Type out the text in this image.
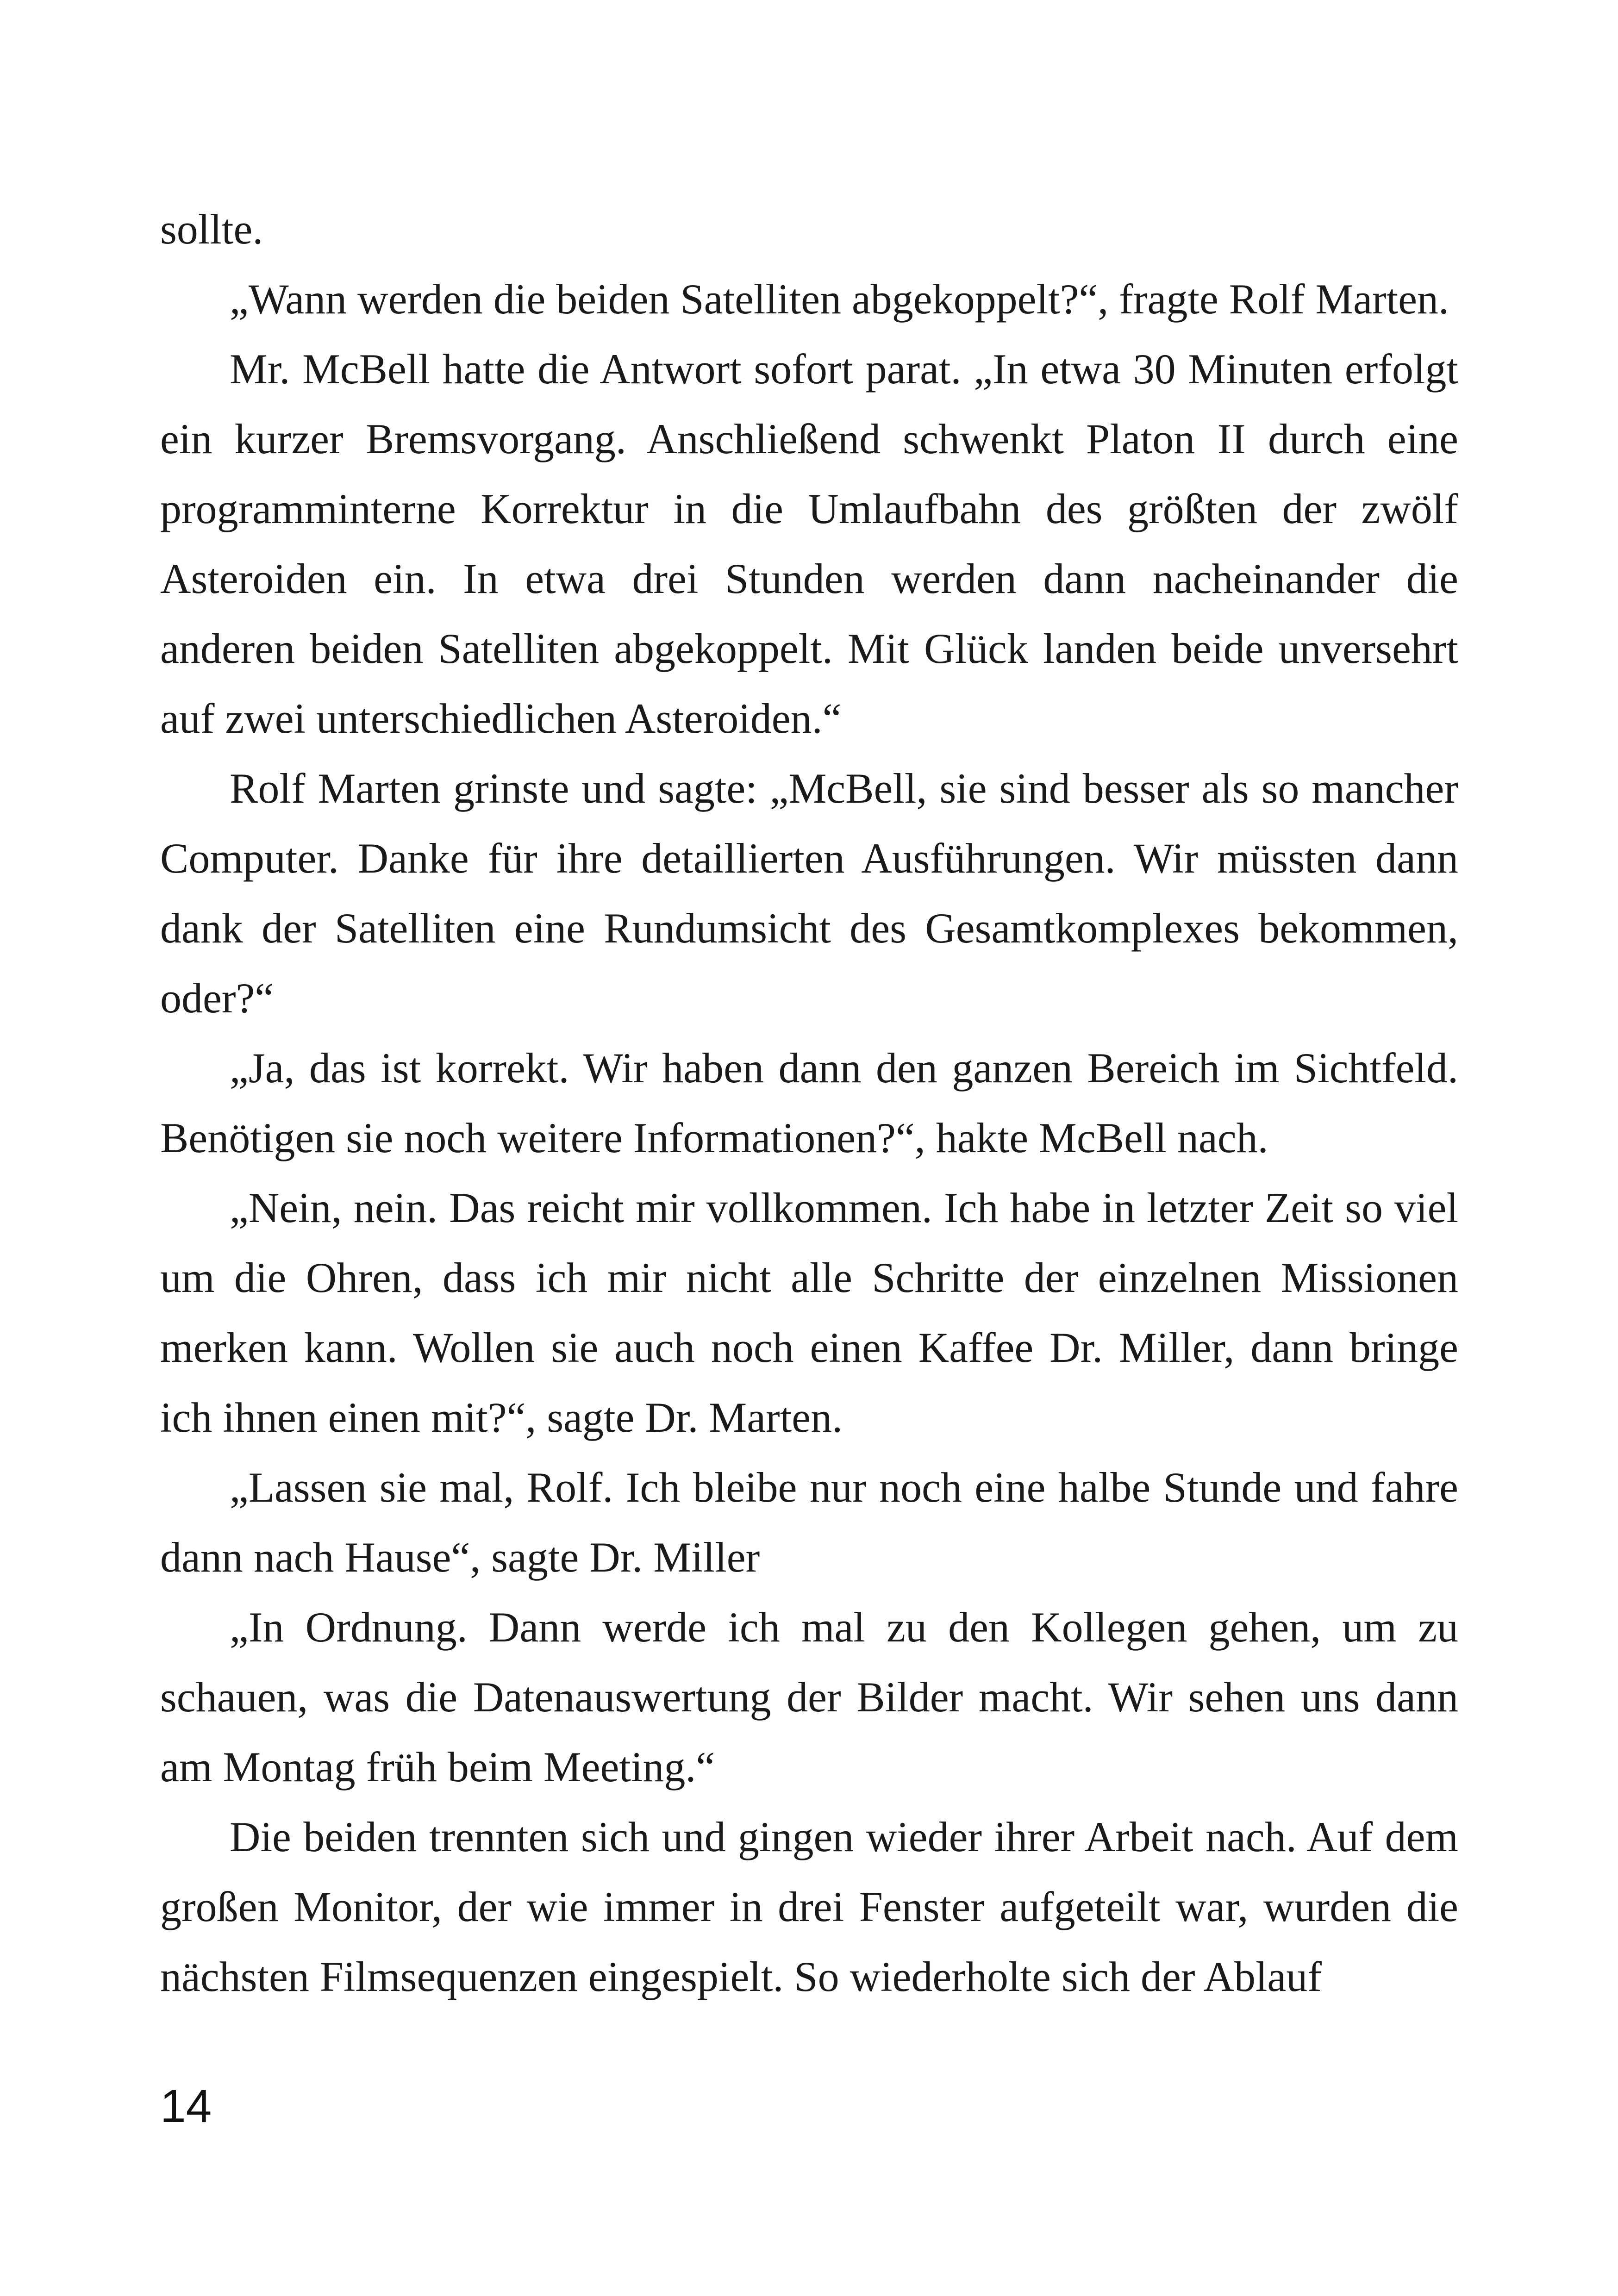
sollte.

„Wann werden die beiden Satelliten abgekoppelt?“, fragte Rolf Marten.

Mr. McBell hatte die Antwort sofort parat. „In etwa 30 Minuten erfolgt ein kurzer Bremsvorgang. Anschließend schwenkt Platon II durch eine programminterne Korrektur in die Umlaufbahn des größten der zwölf Asteroiden ein. In etwa drei Stunden werden dann nacheinander die anderen beiden Satelliten abgekoppelt. Mit Glück landen beide unversehrt auf zwei unterschiedlichen Asteroiden.“

Rolf Marten grinste und sagte: „McBell, sie sind besser als so mancher Computer. Danke für ihre detaillierten Ausführungen. Wir müssten dann dank der Satelliten eine Rundumsicht des Gesamtkomplexes bekommen, oder?“

„Ja, das ist korrekt. Wir haben dann den ganzen Bereich im Sichtfeld. Benötigen sie noch weitere Informationen?“, hakte McBell nach.

„Nein, nein. Das reicht mir vollkommen. Ich habe in letzter Zeit so viel um die Ohren, dass ich mir nicht alle Schritte der einzelnen Missionen merken kann. Wollen sie auch noch einen Kaffee Dr. Miller, dann bringe ich ihnen einen mit?“, sagte Dr. Marten.

„Lassen sie mal, Rolf. Ich bleibe nur noch eine halbe Stunde und fahre dann nach Hause“, sagte Dr. Miller

„In Ordnung. Dann werde ich mal zu den Kollegen gehen, um zu schauen, was die Datenauswertung der Bilder macht. Wir sehen uns dann am Montag früh beim Meeting.“

Die beiden trennten sich und gingen wieder ihrer Arbeit nach. Auf dem großen Monitor, der wie immer in drei Fenster aufgeteilt war, wurden die nächsten Filmsequenzen eingespielt. So wiederholte sich der Ablauf

14
